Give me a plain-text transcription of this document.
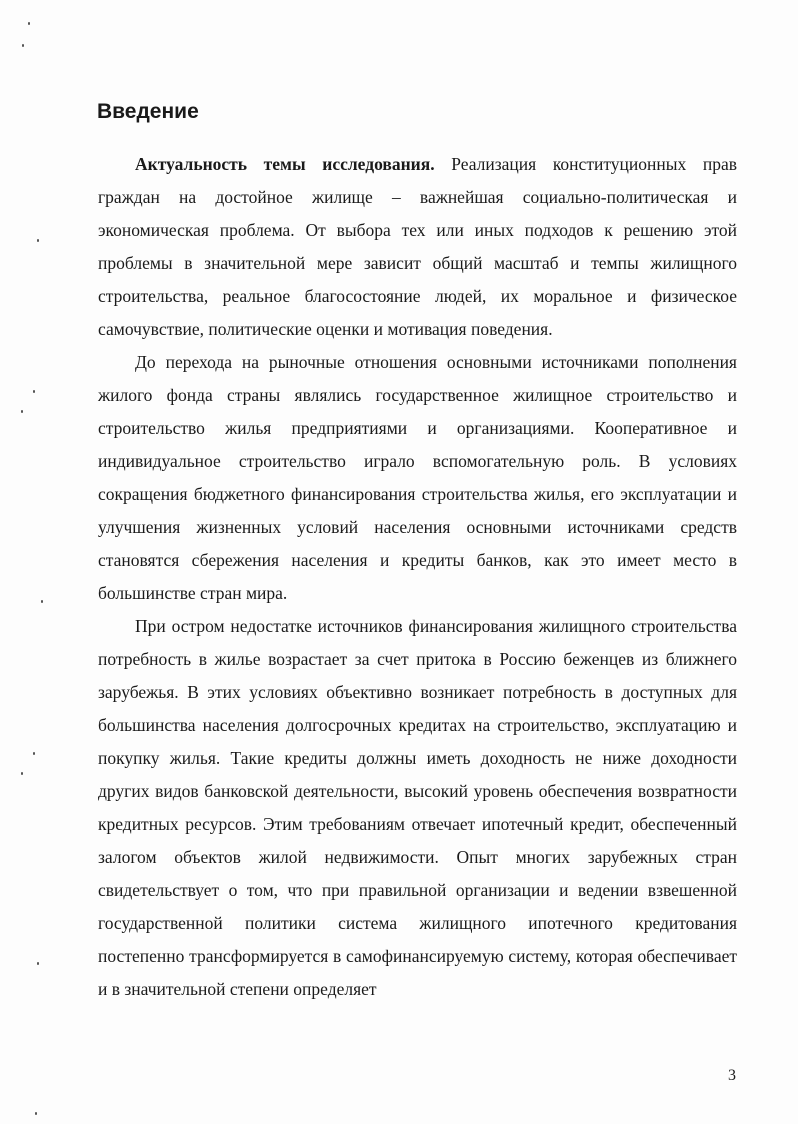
Введение

Актуальность темы исследования. Реализация конституционных прав граждан на достойное жилище – важнейшая социально-политическая и экономическая проблема. От выбора тех или иных подходов к решению этой проблемы в значительной мере зависит общий масштаб и темпы жилищного строительства, реальное благосостояние людей, их моральное и физическое самочувствие, политические оценки и мотивация поведения.

До перехода на рыночные отношения основными источниками пополнения жилого фонда страны являлись государственное жилищное строительство и строительство жилья предприятиями и организациями. Кооперативное и индивидуальное строительство играло вспомогательную роль. В условиях сокращения бюджетного финансирования строительства жилья, его эксплуатации и улучшения жизненных условий населения основными источниками средств становятся сбережения населения и кредиты банков, как это имеет место в большинстве стран мира.

При остром недостатке источников финансирования жилищного строительства потребность в жилье возрастает за счет притока в Россию беженцев из ближнего зарубежья. В этих условиях объективно возникает потребность в доступных для большинства населения долгосрочных кредитах на строительство, эксплуатацию и покупку жилья. Такие кредиты должны иметь доходность не ниже доходности других видов банковской деятельности, высокий уровень обеспечения возвратности кредитных ресурсов. Этим требованиям отвечает ипотечный кредит, обеспеченный залогом объектов жилой недвижимости. Опыт многих зарубежных стран свидетельствует о том, что при правильной организации и ведении взвешенной государственной политики система жилищного ипотечного кредитования постепенно трансформируется в самофинансируемую систему, которая обеспечивает и в значительной степени определяет

3
